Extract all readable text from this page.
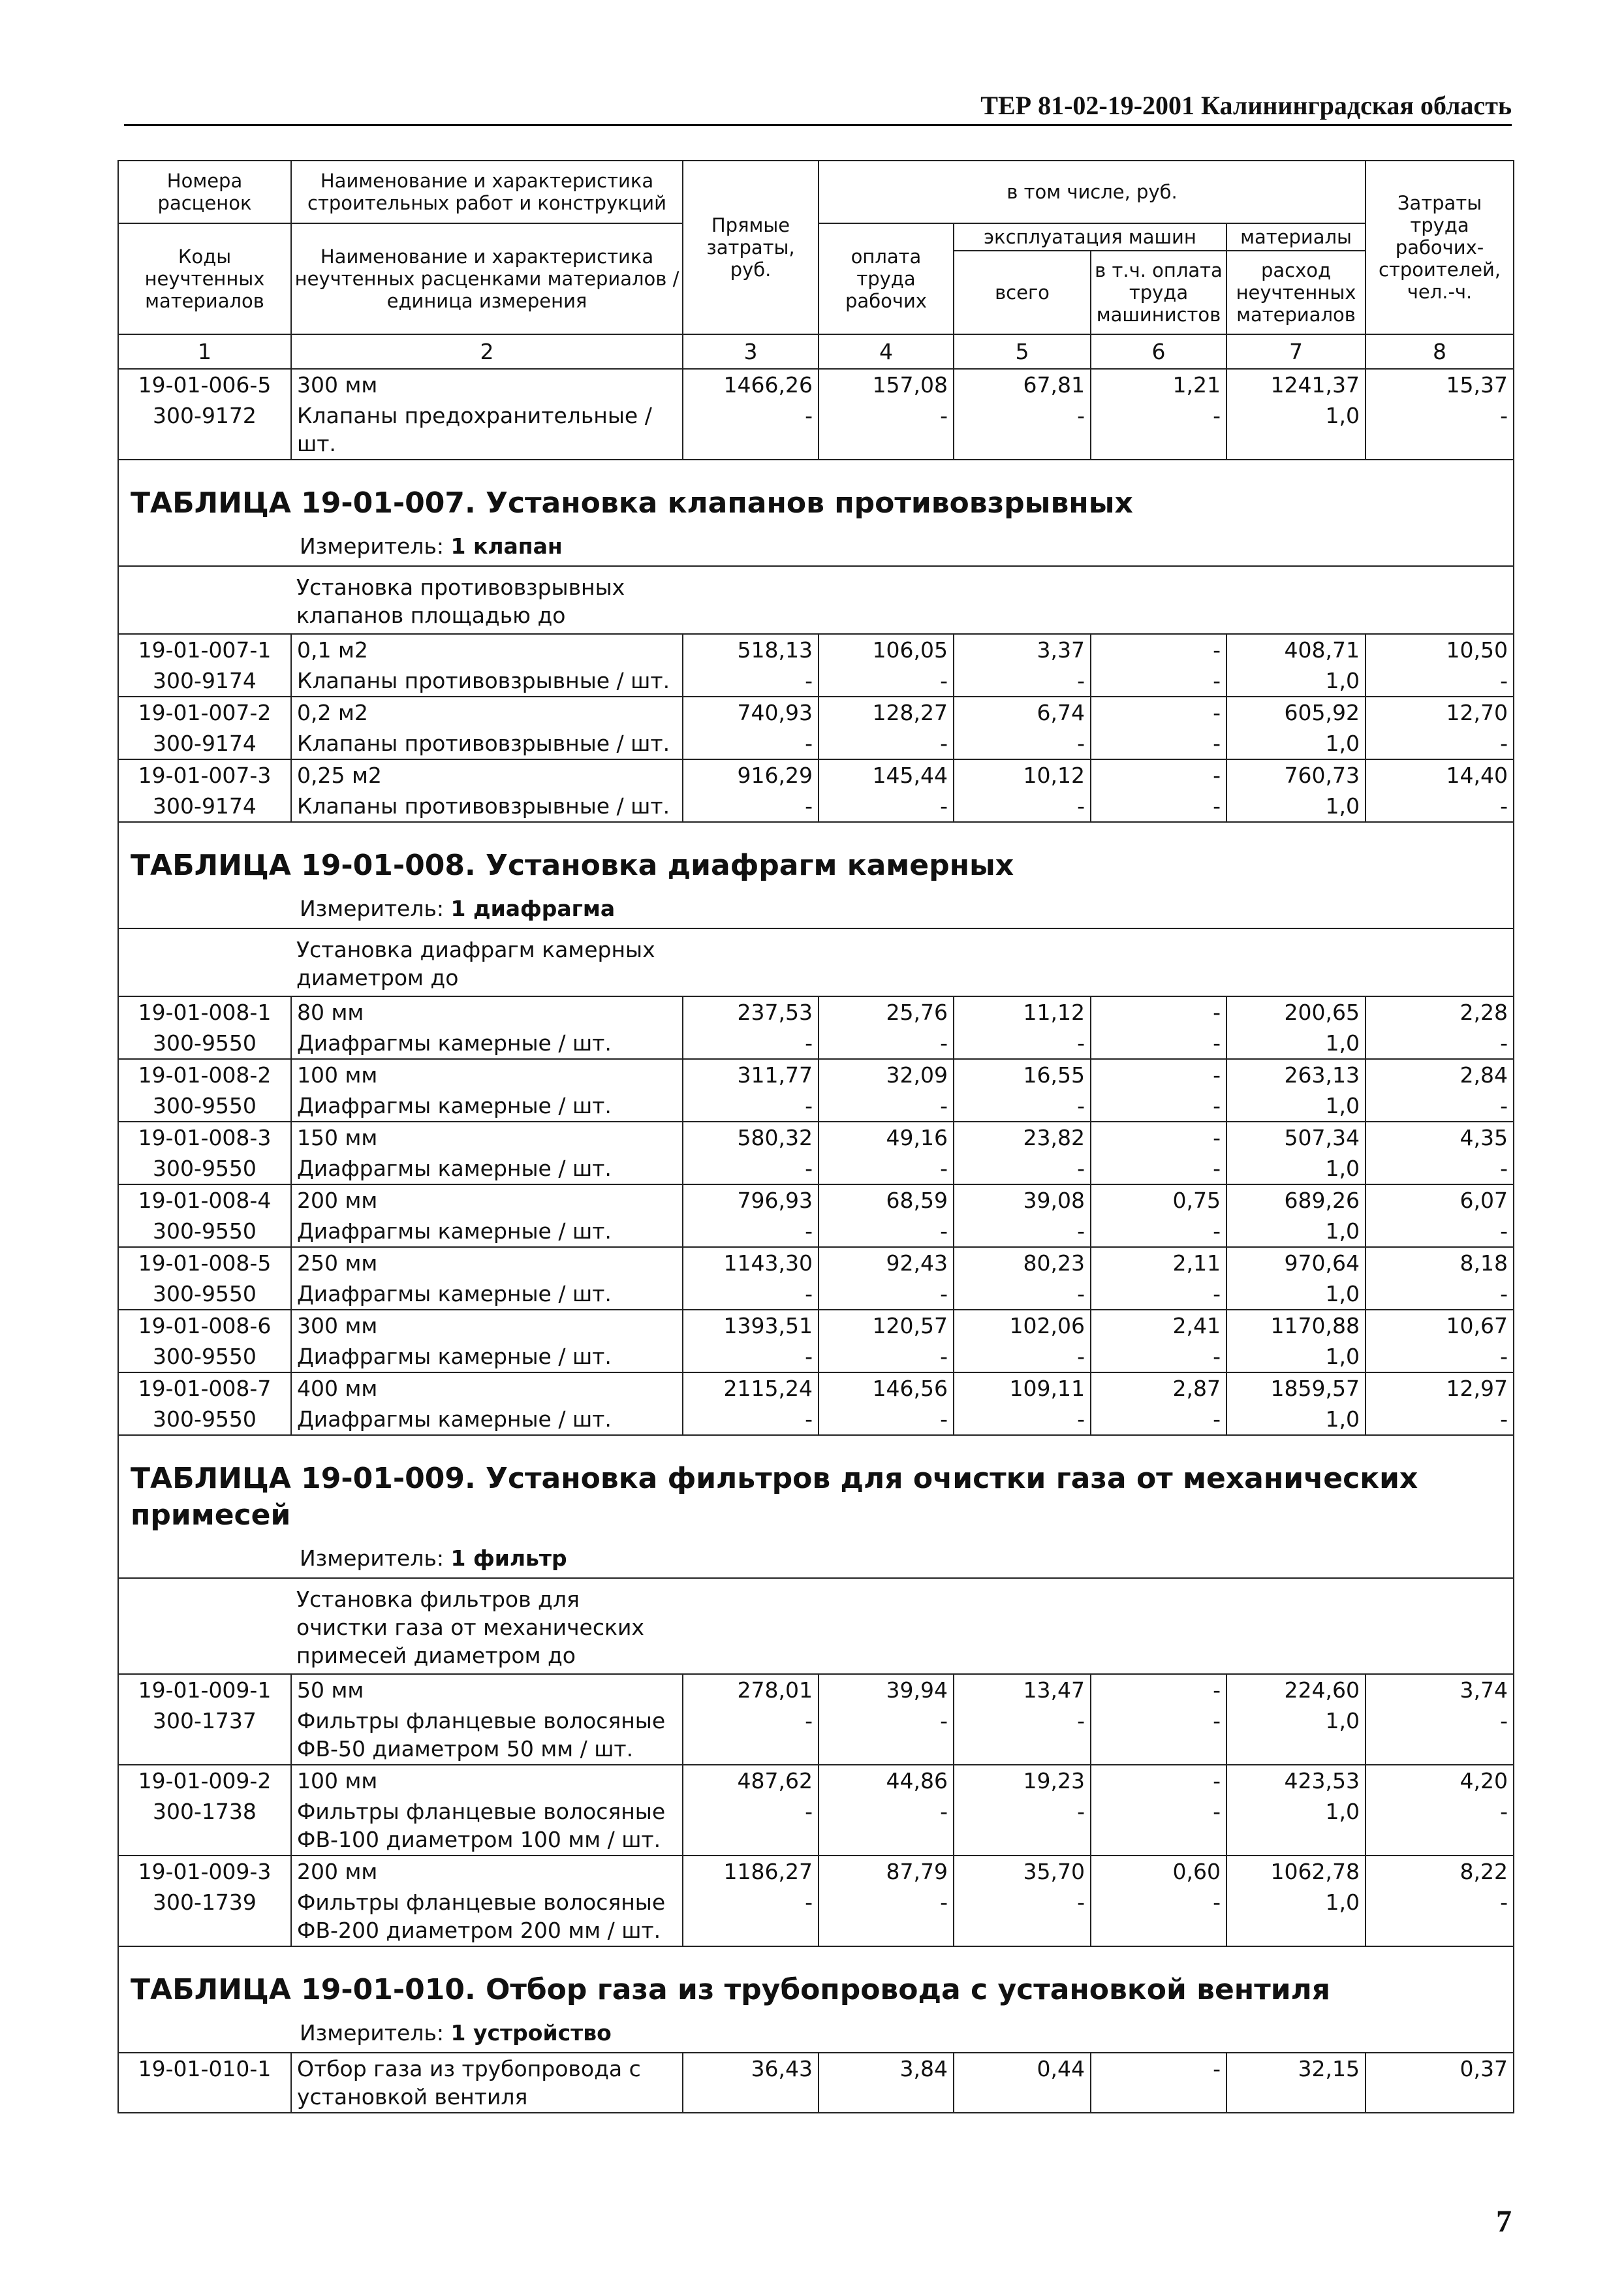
ТЕР 81-02-19-2001 Калининградская область
Номера расценок	Наименование и характеристика строительных работ и конструкций	Прямые затраты, руб.	в том числе, руб.				Затраты труда рабочих-строителей, чел.-ч.
Коды неучтенных материалов	Наименование и характеристика неучтенных расценками материалов / единица измерения		оплата труда рабочих	эксплуатация машин		материалы	
				всего	в т.ч. оплата труда машинистов	расход неучтенных материалов	
1	2	3	4	5	6	7	8
19-01-006-5	300 мм	1466,26	157,08	67,81	1,21	1241,37	15,37
300-9172	Клапаны предохранительные / шт.	-	-	-	-	1,0	-

ТАБЛИЦА 19-01-007. Установка клапанов противовзрывных							

Измеритель: 1 клапан							

	Установка противовзрывных клапанов площадью до						

19-01-007-1	0,1 м2	518,13	106,05	3,37	-	408,71	10,50
300-9174	Клапаны противовзрывные / шт.	-	-	-	-	1,0	-
19-01-007-2	0,2 м2	740,93	128,27	6,74	-	605,92	12,70
300-9174	Клапаны противовзрывные / шт.	-	-	-	-	1,0	-
19-01-007-3	0,25 м2	916,29	145,44	10,12	-	760,73	14,40
300-9174	Клапаны противовзрывные / шт.	-	-	-	-	1,0	-

ТАБЛИЦА 19-01-008. Установка диафрагм камерных							

Измеритель: 1 диафрагма							

	Установка диафрагм камерных диаметром до						

19-01-008-1	80 мм	237,53	25,76	11,12	-	200,65	2,28
300-9550	Диафрагмы камерные / шт.	-	-	-	-	1,0	-
19-01-008-2	100 мм	311,77	32,09	16,55	-	263,13	2,84
300-9550	Диафрагмы камерные / шт.	-	-	-	-	1,0	-
19-01-008-3	150 мм	580,32	49,16	23,82	-	507,34	4,35
300-9550	Диафрагмы камерные / шт.	-	-	-	-	1,0	-
19-01-008-4	200 мм	796,93	68,59	39,08	0,75	689,26	6,07
300-9550	Диафрагмы камерные / шт.	-	-	-	-	1,0	-
19-01-008-5	250 мм	1143,30	92,43	80,23	2,11	970,64	8,18
300-9550	Диафрагмы камерные / шт.	-	-	-	-	1,0	-
19-01-008-6	300 мм	1393,51	120,57	102,06	2,41	1170,88	10,67
300-9550	Диафрагмы камерные / шт.	-	-	-	-	1,0	-
19-01-008-7	400 мм	2115,24	146,56	109,11	2,87	1859,57	12,97
300-9550	Диафрагмы камерные / шт.	-	-	-	-	1,0	-

ТАБЛИЦА 19-01-009. Установка фильтров для очистки газа от механических примесей							

Измеритель: 1 фильтр							

	Установка фильтров для очистки газа от механических примесей диаметром до						

19-01-009-1	50 мм	278,01	39,94	13,47	-	224,60	3,74
300-1737	Фильтры фланцевые волосяные ФВ-50 диаметром 50 мм / шт.	-	-	-	-	1,0	-
19-01-009-2	100 мм	487,62	44,86	19,23	-	423,53	4,20
300-1738	Фильтры фланцевые волосяные ФВ-100 диаметром 100 мм / шт.	-	-	-	-	1,0	-
19-01-009-3	200 мм	1186,27	87,79	35,70	0,60	1062,78	8,22
300-1739	Фильтры фланцевые волосяные ФВ-200 диаметром 200 мм / шт.	-	-	-	-	1,0	-

ТАБЛИЦА 19-01-010. Отбор газа из трубопровода с установкой вентиля							

Измеритель: 1 устройство							
19-01-010-1	Отбор газа из трубопровода с установкой вентиля	36,43	3,84	0,44	-	32,15	0,37
7
